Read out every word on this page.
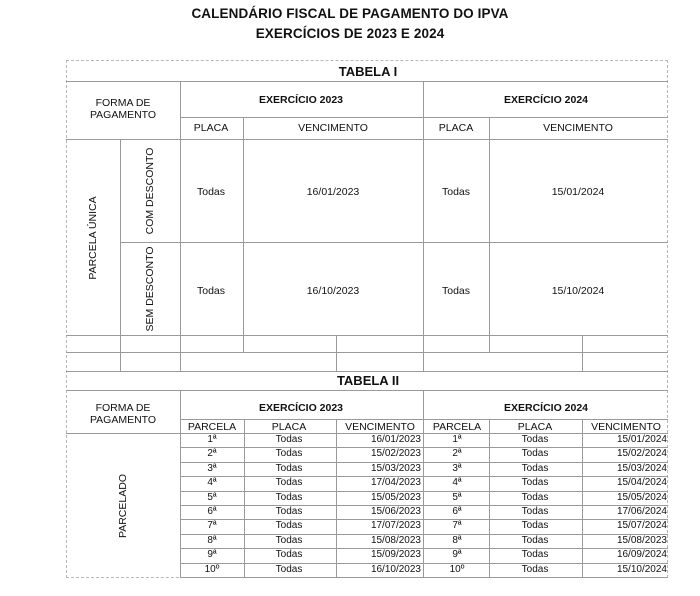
CALENDÁRIO FISCAL DE PAGAMENTO DO IPVA
EXERCÍCIOS DE 2023 E 2024
TABELA I
FORMA DE
PAGAMENTO
EXERCÍCIO 2023	EXERCÍCIO 2024
PLACA	VENCIMENTO	PLACA	VENCIMENTO
PARCELA ÚNICA
COM DESCONTO
SEM DESCONTO
Todas	16/01/2023	Todas	15/01/2024
Todas	16/10/2023	Todas	15/10/2024
TABELA II
FORMA DE
PAGAMENTO
EXERCÍCIO 2023	EXERCÍCIO 2024
PARCELA	PLACA	VENCIMENTO PARCELA	PLACA	VENCIMENTO
PARCELADO
1ª	Todas	16/01/2023	1ª	Todas	15/01/2024
2ª	Todas	15/02/2023	2ª	Todas	15/02/2024
3ª	Todas	15/03/2023	3ª	Todas	15/03/2024
4ª	Todas	17/04/2023	4ª	Todas	15/04/2024
5ª	Todas	15/05/2023	5ª	Todas	15/05/2024
6ª	Todas	15/06/2023	6ª	Todas	17/06/2024
7ª	Todas	17/07/2023	7ª	Todas	15/07/2024
8ª	Todas	15/08/2023	8ª	Todas	15/08/2023
9ª	Todas	15/09/2023	9ª	Todas	16/09/2024
10º	Todas	16/10/2023	10º	Todas	15/10/2024
